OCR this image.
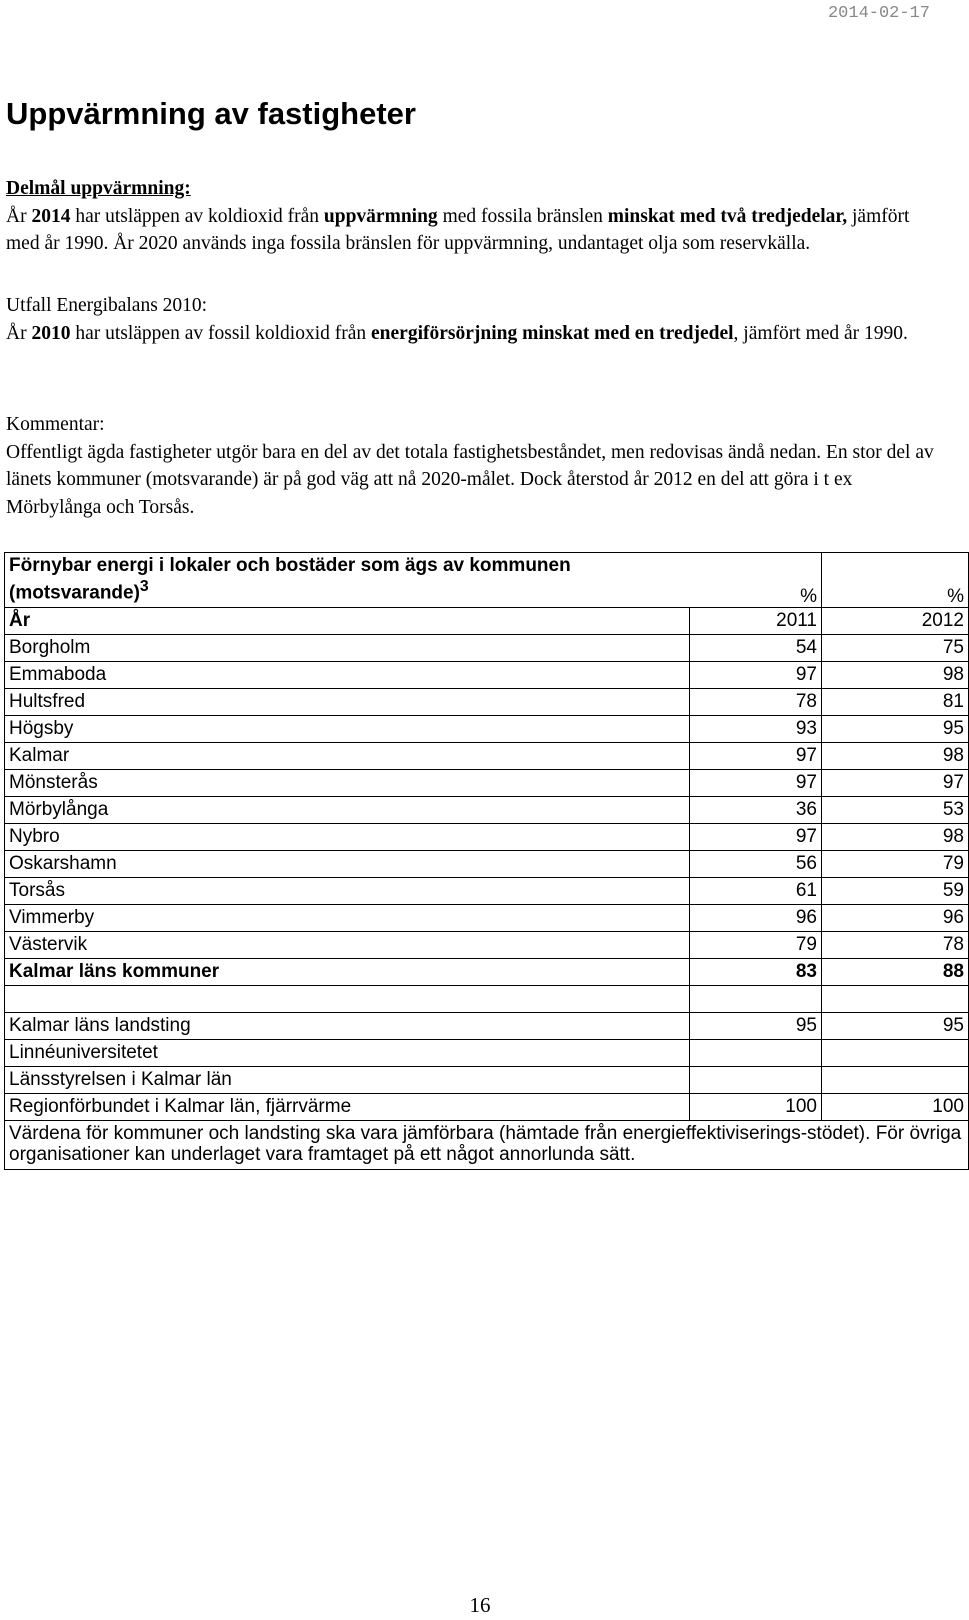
2014-02-17
Uppvärmning av fastigheter
Delmål uppvärmning:
År 2014 har utsläppen av koldioxid från uppvärmning med fossila bränslen minskat med två tredjedelar, jämfört med år 1990. År 2020 används inga fossila bränslen för uppvärmning, undantaget olja som reservkälla.
Utfall Energibalans 2010:
År 2010 har utsläppen av fossil koldioxid från energiförsörjning minskat med en tredjedel, jämfört med år 1990.
Kommentar:
Offentligt ägda fastigheter utgör bara en del av det totala fastighetsbeståndet, men redovisas ändå nedan. En stor del av länets kommuner (motsvarande) är på god väg att nå 2020-målet. Dock återstod år 2012 en del att göra i t ex Mörbylånga och Torsås.
Förnybar energi i lokaler och bostäder som ägs av kommunen (motsvarande)$^3$	%	%
År	2011	2012
Borgholm	54	75
Emmaboda	97	98
Hultsfred	78	81
Högsby	93	95
Kalmar	97	98
Mönsterås	97	97
Mörbylånga	36	53
Nybro	97	98
Oskarshamn	56	79
Torsås	61	59
Vimmerby	96	96
Västervik	79	78
Kalmar läns kommuner	83	88

Kalmar läns landsting	95	95
Linnéuniversitetet		
Länsstyrelsen i Kalmar län		
Regionförbundet i Kalmar län, fjärrvärme	100	100
Värdena för kommuner och landsting ska vara jämförbara (hämtade från energieffektiviserings-stödet). För övriga organisationer kan underlaget vara framtaget på ett något annorlunda sätt.		
16
